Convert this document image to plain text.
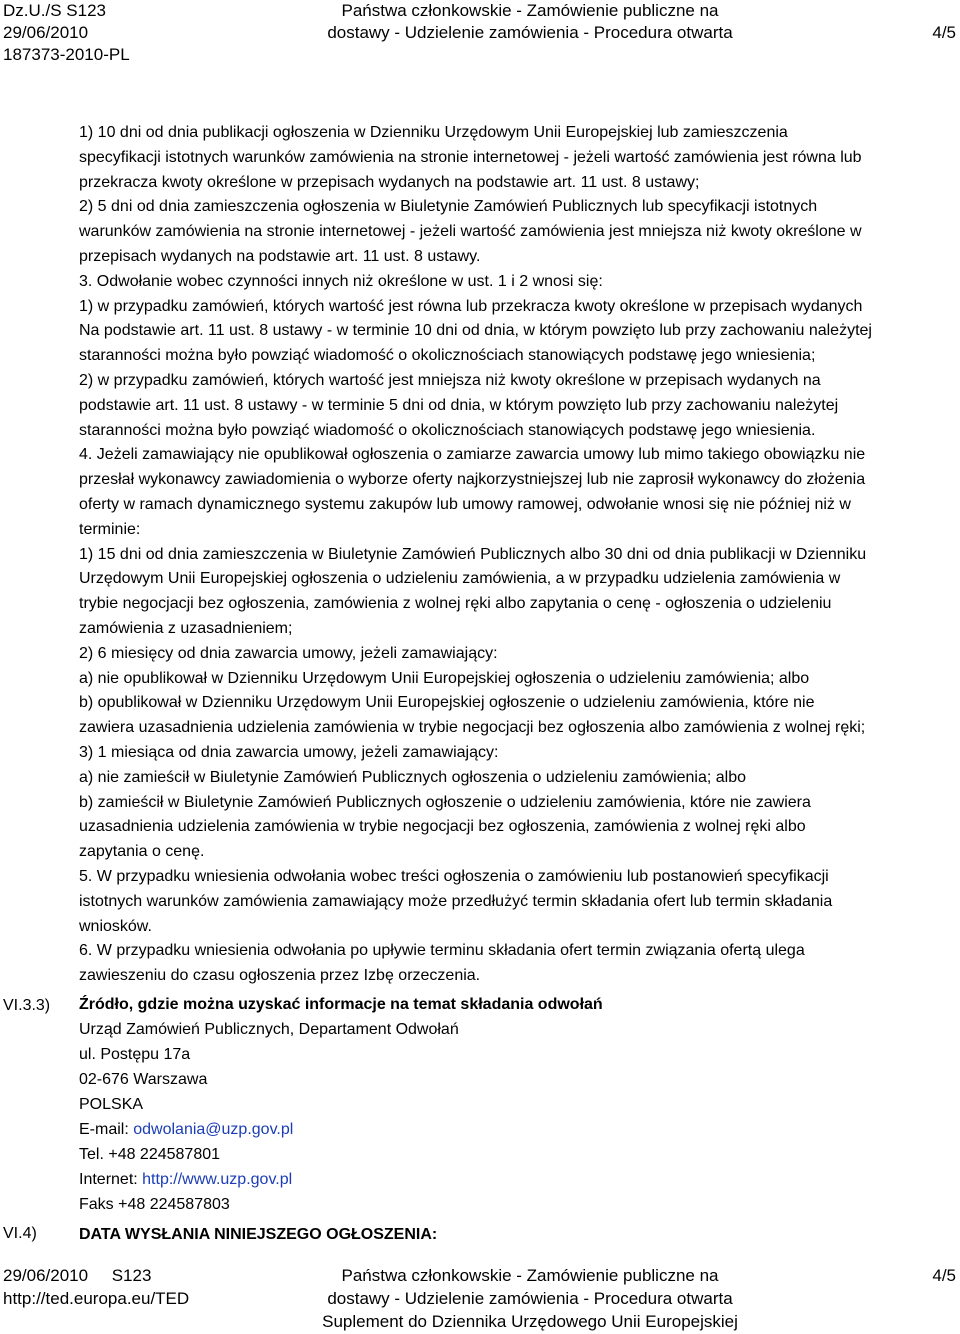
Dz.U./S S123
29/06/2010
187373-2010-PL
Państwa członkowskie - Zamówienie publiczne na
dostawy - Udzielenie zamówienia - Procedura otwarta	4/5

1) 10 dni od dnia publikacji ogłoszenia w Dzienniku Urzędowym Unii Europejskiej lub zamieszczenia

specyfikacji istotnych warunków zamówienia na stronie internetowej - jeżeli wartość zamówienia jest równa lub

przekracza kwoty określone w przepisach wydanych na podstawie art. 11 ust. 8 ustawy;

2) 5 dni od dnia zamieszczenia ogłoszenia w Biuletynie Zamówień Publicznych lub specyfikacji istotnych

warunków zamówienia na stronie internetowej - jeżeli wartość zamówienia jest mniejsza niż kwoty określone w

przepisach wydanych na podstawie art. 11 ust. 8 ustawy.

3. Odwołanie wobec czynności innych niż określone w ust. 1 i 2 wnosi się:

1) w przypadku zamówień, których wartość jest równa lub przekracza kwoty określone w przepisach wydanych

Na podstawie art. 11 ust. 8 ustawy - w terminie 10 dni od dnia, w którym powzięto lub przy zachowaniu należytej

staranności można było powziąć wiadomość o okolicznościach stanowiących podstawę jego wniesienia;

2) w przypadku zamówień, których wartość jest mniejsza niż kwoty określone w przepisach wydanych na

podstawie art. 11 ust. 8 ustawy - w terminie 5 dni od dnia, w którym powzięto lub przy zachowaniu należytej

staranności można było powziąć wiadomość o okolicznościach stanowiących podstawę jego wniesienia.

4. Jeżeli zamawiający nie opublikował ogłoszenia o zamiarze zawarcia umowy lub mimo takiego obowiązku nie

przesłał wykonawcy zawiadomienia o wyborze oferty najkorzystniejszej lub nie zaprosił wykonawcy do złożenia

oferty w ramach dynamicznego systemu zakupów lub umowy ramowej, odwołanie wnosi się nie później niż w

terminie:

1) 15 dni od dnia zamieszczenia w Biuletynie Zamówień Publicznych albo 30 dni od dnia publikacji w Dzienniku

Urzędowym Unii Europejskiej ogłoszenia o udzieleniu zamówienia, a w przypadku udzielenia zamówienia w

trybie negocjacji bez ogłoszenia, zamówienia z wolnej ręki albo zapytania o cenę - ogłoszenia o udzieleniu

zamówienia z uzasadnieniem;

2) 6 miesięcy od dnia zawarcia umowy, jeżeli zamawiający:

a) nie opublikował w Dzienniku Urzędowym Unii Europejskiej ogłoszenia o udzieleniu zamówienia; albo

b) opublikował w Dzienniku Urzędowym Unii Europejskiej ogłoszenie o udzieleniu zamówienia, które nie

zawiera uzasadnienia udzielenia zamówienia w trybie negocjacji bez ogłoszenia albo zamówienia z wolnej ręki;

3) 1 miesiąca od dnia zawarcia umowy, jeżeli zamawiający:

a) nie zamieścił w Biuletynie Zamówień Publicznych ogłoszenia o udzieleniu zamówienia; albo

b) zamieścił w Biuletynie Zamówień Publicznych ogłoszenie o udzieleniu zamówienia, które nie zawiera

uzasadnienia udzielenia zamówienia w trybie negocjacji bez ogłoszenia, zamówienia z wolnej ręki albo

zapytania o cenę.

5. W przypadku wniesienia odwołania wobec treści ogłoszenia o zamówieniu lub postanowień specyfikacji

istotnych warunków zamówienia zamawiający może przedłużyć termin składania ofert lub termin składania

wniosków.

6. W przypadku wniesienia odwołania po upływie terminu składania ofert termin związania ofertą ulega

zawieszeniu do czasu ogłoszenia przez Izbę orzeczenia.

VI.3.3) Źródło, gdzie można uzyskać informacje na temat składania odwołań
Urząd Zamówień Publicznych, Departament Odwołań
ul. Postępu 17a
02-676 Warszawa
POLSKA
E-mail: odwolania@uzp.gov.pl
Tel. +48 224587801
Internet: http://www.uzp.gov.pl
Faks +48 224587803
VI.4)	DATA WYSŁANIA NINIEJSZEGO OGŁOSZENIA:
29/06/2010     S123
http://ted.europa.eu/TED
Państwa członkowskie - Zamówienie publiczne na
dostawy - Udzielenie zamówienia - Procedura otwarta
Suplement do Dziennika Urzędowego Unii Europejskiej
4/5
